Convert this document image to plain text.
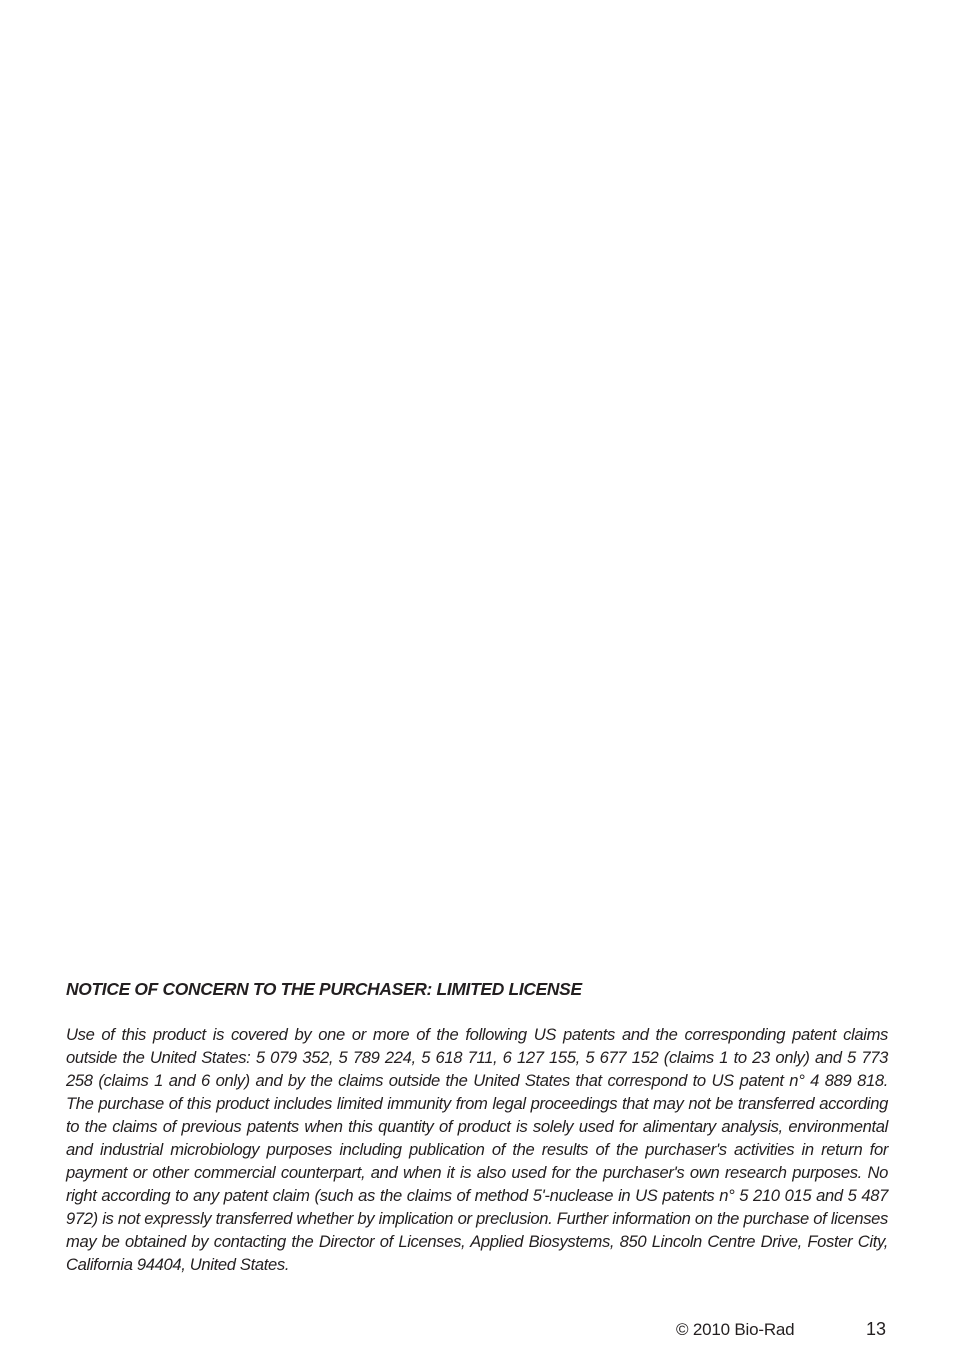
NOTICE OF CONCERN TO THE PURCHASER: LIMITED LICENSE

Use of this product is covered by one or more of the following US patents and the corresponding patent claims outside the United States: 5 079 352, 5 789 224, 5 618 711, 6 127 155, 5 677 152 (claims 1 to 23 only) and 5 773 258 (claims 1 and 6 only) and by the claims outside the United States that correspond to US patent n° 4 889 818. The purchase of this product includes limited immunity from legal proceedings that may not be transferred according to the claims of previous patents when this quantity of product is solely used for alimentary analysis, environmental and industrial microbiology purposes including publication of the results of the purchaser's activities in return for payment or other commercial counterpart, and when it is also used for the purchaser's own research purposes. No right according to any patent claim (such as the claims of method 5'-nuclease in US patents n° 5 210 015 and 5 487 972) is not expressly transferred whether by implication or preclusion. Further information on the purchase of licenses may be obtained by contacting the Director of Licenses, Applied Biosystems, 850 Lincoln Centre Drive, Foster City, California 94404, United States.

© 2010 Bio-Rad	13
